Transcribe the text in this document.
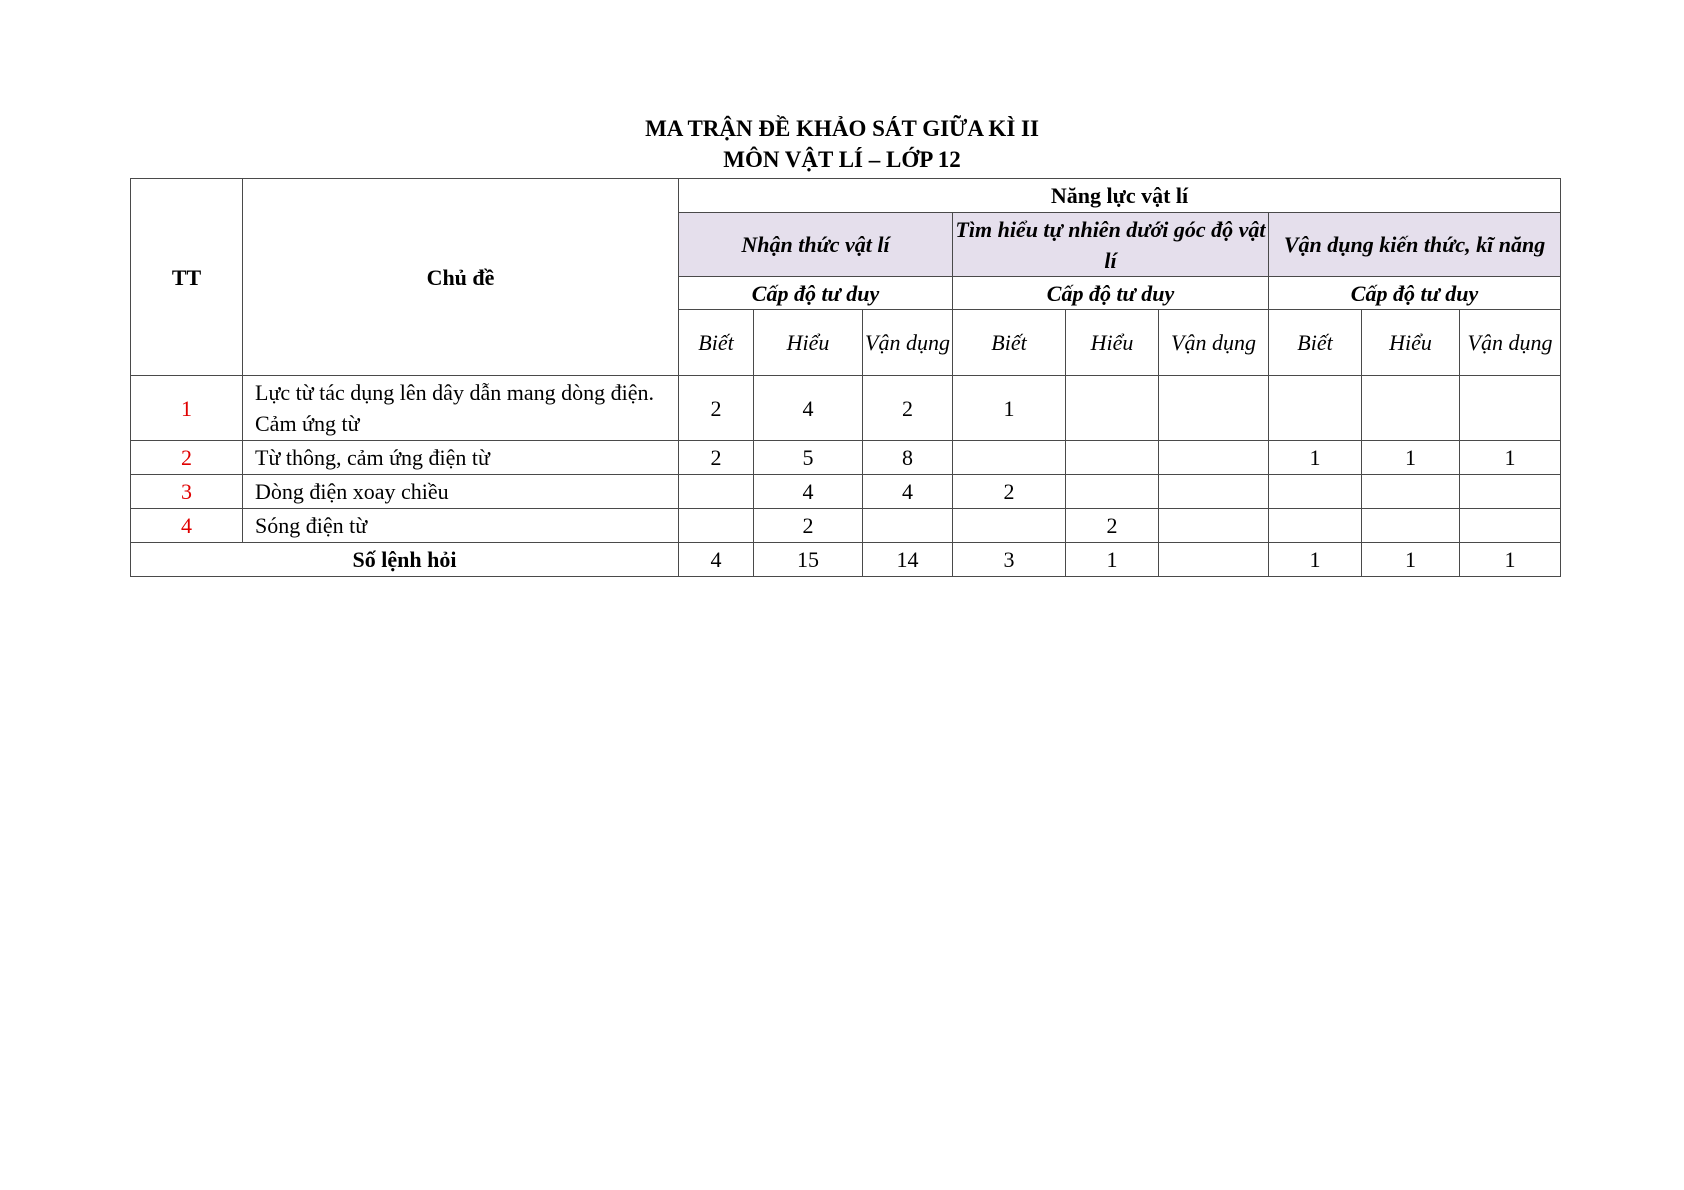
MA TRẬN ĐỀ KHẢO SÁT GIỮA KÌ II
MÔN VẬT LÍ – LỚP 12
TT	Chủ đề	Năng lực vật lí								
		Nhận thức vật lí			Tìm hiểu tự nhiên dưới góc độ vật lí			Vận dụng kiến thức, kĩ năng		
		Cấp độ tư duy			Cấp độ tư duy			Cấp độ tư duy		
		Biết	Hiểu	Vận dụng	Biết	Hiểu	Vận dụng	Biết	Hiểu	Vận dụng
1	Lực từ tác dụng lên dây dẫn mang dòng điện. Cảm ứng từ	2	4	2	1					
2	Từ thông, cảm ứng điện từ	2	5	8				1	1	1
3	Dòng điện xoay chiều		4	4	2					
4	Sóng điện từ		2			2				
Số lệnh hỏi		4	15	14	3	1		1	1	1
